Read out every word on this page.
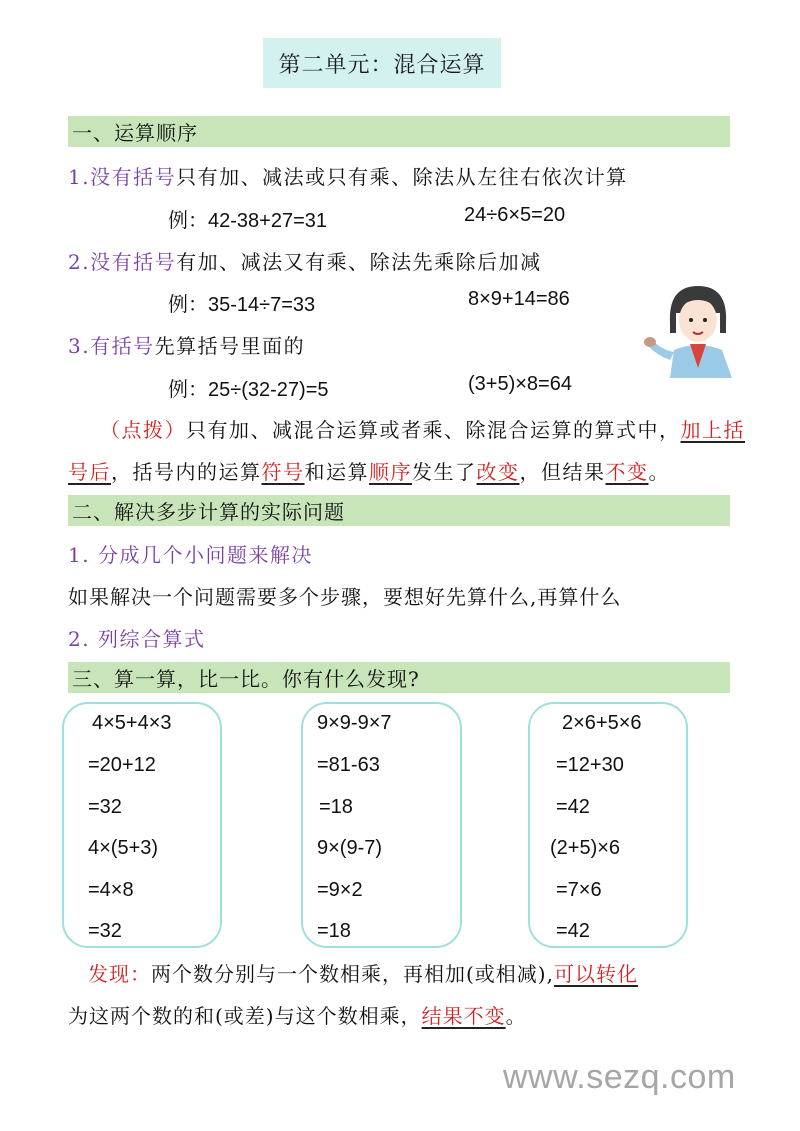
第二单元：混合运算
一、运算顺序
1.没有括号只有加、减法或只有乘、除法从左往右依次计算
例：42-38+27=31	24÷6×5=20
2.没有括号有加、减法又有乘、除法先乘除后加减
例：35-14÷7=33	8×9+14=86
3.有括号先算括号里面的
例：25÷(32-27)=5	(3+5)×8=64
（点拨）只有加、减混合运算或者乘、除混合运算的算式中，加上括
号后，括号内的运算符号和运算顺序发生了改变，但结果不变。
二、解决多步计算的实际问题
1. 分成几个小问题来解决
如果解决一个问题需要多个步骤，要想好先算什么,再算什么
2. 列综合算式
三、算一算，比一比。你有什么发现?
4×5+4×3
=20+12
=32
4×(5+3)
=4×8
=32
9×9-9×7
=81-63
=18
9×(9-7)
=9×2
=18
2×6+5×6
=12+30
=42
(2+5)×6
=7×6
=42
发现：两个数分别与一个数相乘，再相加(或相减),可以转化
为这两个数的和(或差)与这个数相乘，结果不变。
www.sezq.com
